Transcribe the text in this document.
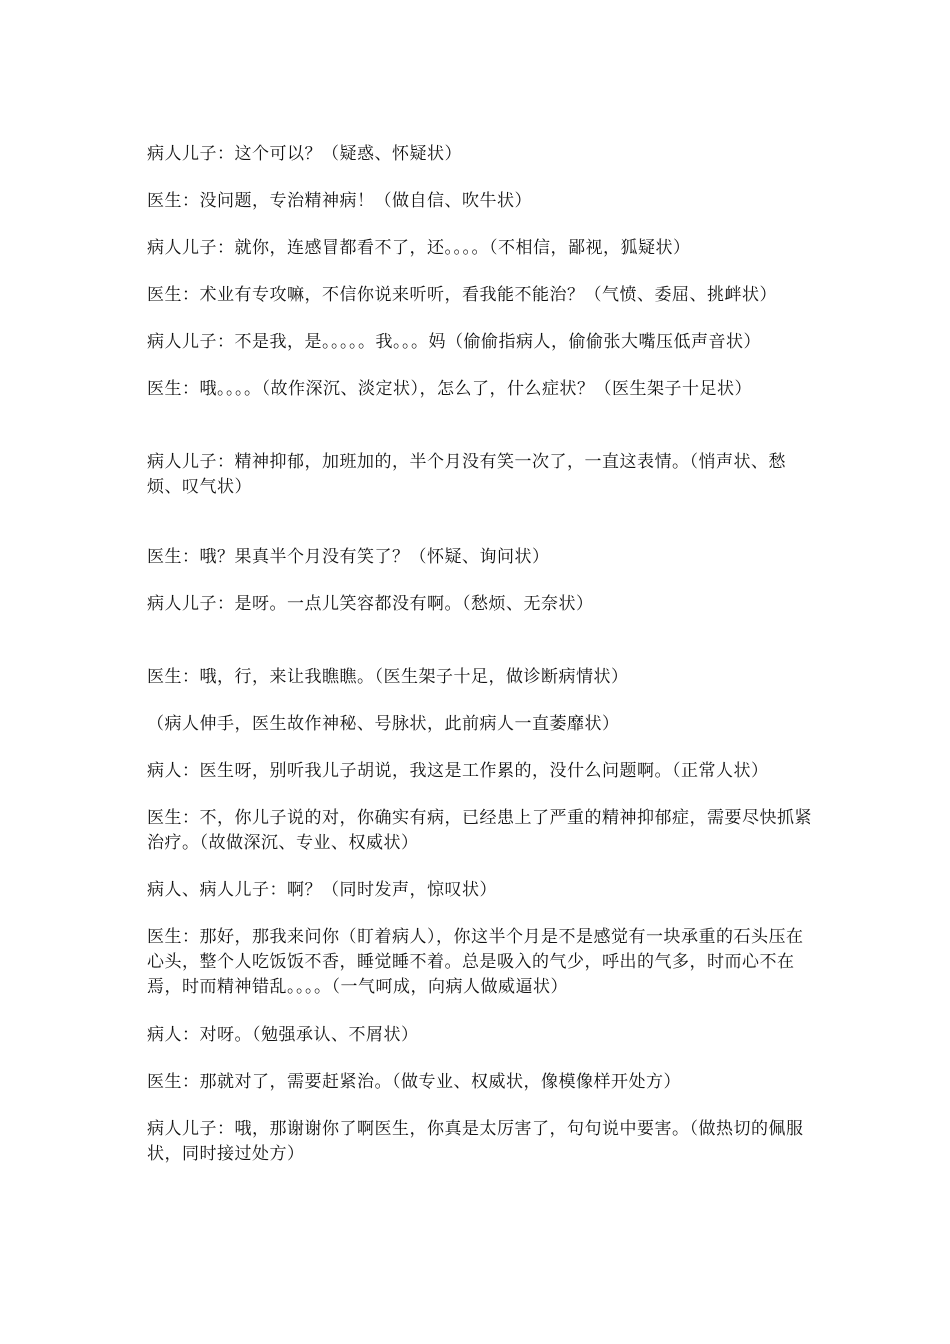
病人儿子：这个可以？（疑惑、怀疑状）

医生：没问题，专治精神病！（做自信、吹牛状）

病人儿子：就你，连感冒都看不了，还。。。。（不相信，鄙视，狐疑状）

医生：术业有专攻嘛，不信你说来听听，看我能不能治？（气愤、委屈、挑衅状）

病人儿子：不是我，是。。。。。我。。。妈（偷偷指病人，偷偷张大嘴压低声音状）

医生：哦。。。。（故作深沉、淡定状），怎么了，什么症状？（医生架子十足状）

病人儿子：精神抑郁，加班加的，半个月没有笑一次了，一直这表情。（悄声状、愁烦、叹气状）

医生：哦？果真半个月没有笑了？（怀疑、询问状）

病人儿子：是呀。一点儿笑容都没有啊。（愁烦、无奈状）

医生：哦，行，来让我瞧瞧。（医生架子十足，做诊断病情状）

（病人伸手，医生故作神秘、号脉状，此前病人一直萎靡状）

病人：医生呀，别听我儿子胡说，我这是工作累的，没什么问题啊。（正常人状）

医生：不，你儿子说的对，你确实有病，已经患上了严重的精神抑郁症，需要尽快抓紧治疗。（故做深沉、专业、权威状）

病人、病人儿子：啊？（同时发声，惊叹状）

医生：那好，那我来问你（盯着病人），你这半个月是不是感觉有一块承重的石头压在心头，整个人吃饭饭不香，睡觉睡不着。总是吸入的气少，呼出的气多，时而心不在焉，时而精神错乱。。。。（一气呵成，向病人做威逼状）

病人：对呀。（勉强承认、不屑状）

医生：那就对了，需要赶紧治。（做专业、权威状，像模像样开处方）

病人儿子：哦，那谢谢你了啊医生，你真是太厉害了，句句说中要害。（做热切的佩服状，同时接过处方）
